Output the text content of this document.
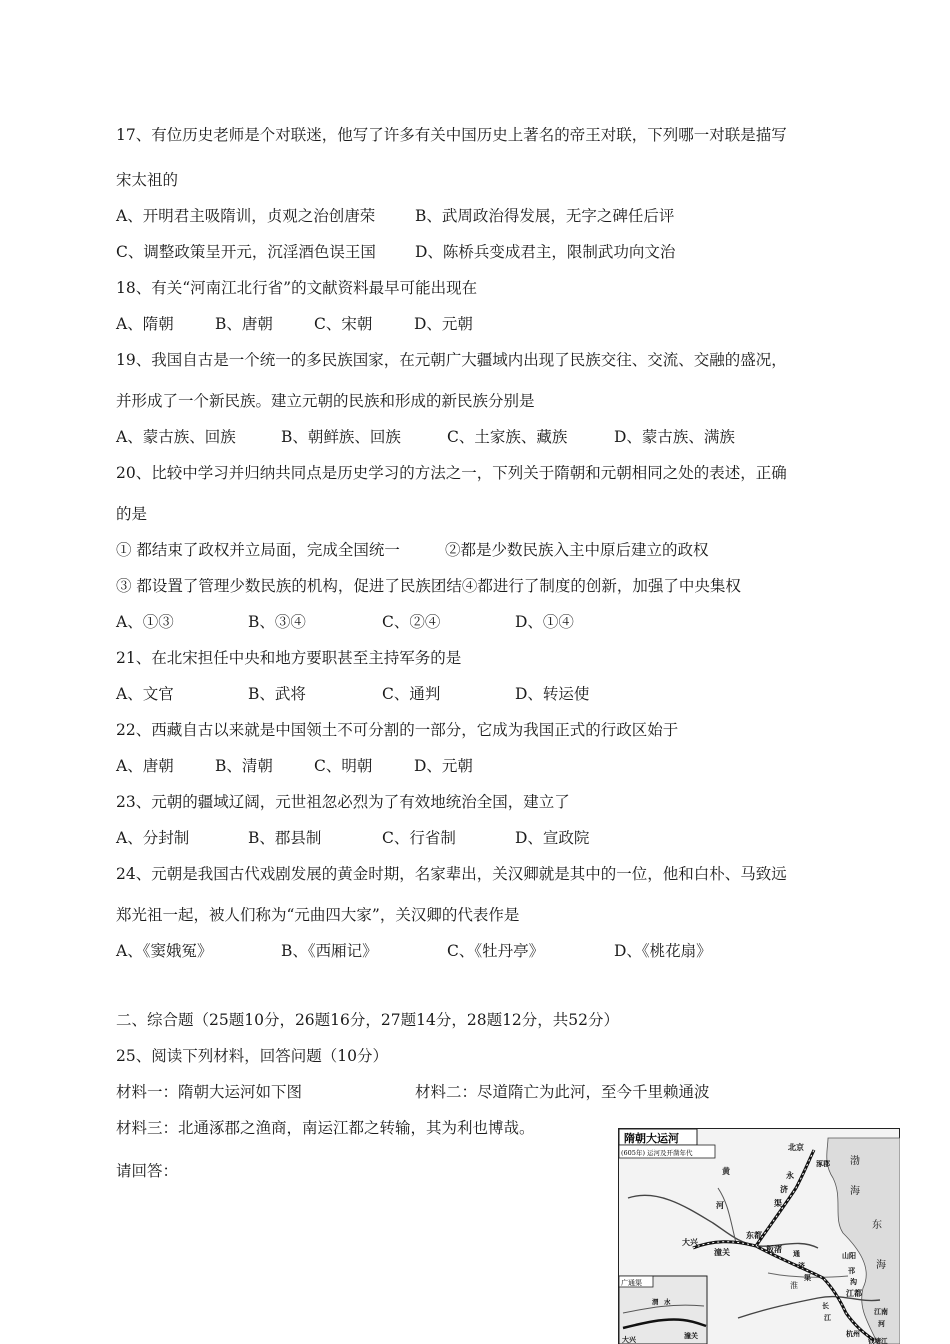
17、有位历史老师是个对联迷，他写了许多有关中国历史上著名的帝王对联，下列哪一对联是描写
宋太祖的
A、开明君主吸隋训，贞观之治创唐荣	B、武周政治得发展，无字之碑任后评
C、调整政策呈开元，沉淫酒色误王国	D、陈桥兵变成君主，限制武功向文治
18、有关“河南江北行省”的文献资料最早可能出现在
A、隋朝	B、唐朝	C、宋朝	D、元朝
19、我国自古是一个统一的多民族国家，在元朝广大疆域内出现了民族交往、交流、交融的盛况，
并形成了一个新民族。建立元朝的民族和形成的新民族分别是
A、蒙古族、回族	B、朝鲜族、回族	C、土家族、藏族	D、蒙古族、满族
20、比较中学习并归纳共同点是历史学习的方法之一，下列关于隋朝和元朝相同之处的表述，正确
的是
① 都结束了政权并立局面，完成全国统一	②都是少数民族入主中原后建立的政权
③ 都设置了管理少数民族的机构，促进了民族团结④都进行了制度的创新，加强了中央集权
A、①③	B、③④	C、②④	D、①④
21、在北宋担任中央和地方要职甚至主持军务的是
A、文官	B、武将	C、通判	D、转运使
22、西藏自古以来就是中国领土不可分割的一部分，它成为我国正式的行政区始于
A、唐朝	B、清朝	C、明朝	D、元朝
23、元朝的疆域辽阔，元世祖忽必烈为了有效地统治全国，建立了
A、分封制	B、郡县制	C、行省制	D、宣政院
24、元朝是我国古代戏剧发展的黄金时期，名家辈出，关汉卿就是其中的一位，他和白朴、马致远
郑光祖一起，被人们称为“元曲四大家”，关汉卿的代表作是
A、《窦娥冤》	B、《西厢记》	C、《牡丹亭》	D、《桃花扇》
二、综合题（25题10分，26题16分，27题14分，28题12分，共52分）
25、阅读下列材料，回答问题（10分）
材料一：隋朝大运河如下图	材料二：尽道隋亡为此河，至今千里赖通波
材料三：北通涿郡之渔商，南运江都之转输，其为利也博哉。
请回答：
隋朝大运河
(605年) 运河及开凿年代
北京
涿郡
永
济
渠
黄
河
东都
大兴
潼关	板渚 通
济
渠
山阳
邗
沟
江都
长
江
江南
河
杭州
钱塘江
渤
海
东
海
淮
广通渠
大兴
渭 水
潼关
